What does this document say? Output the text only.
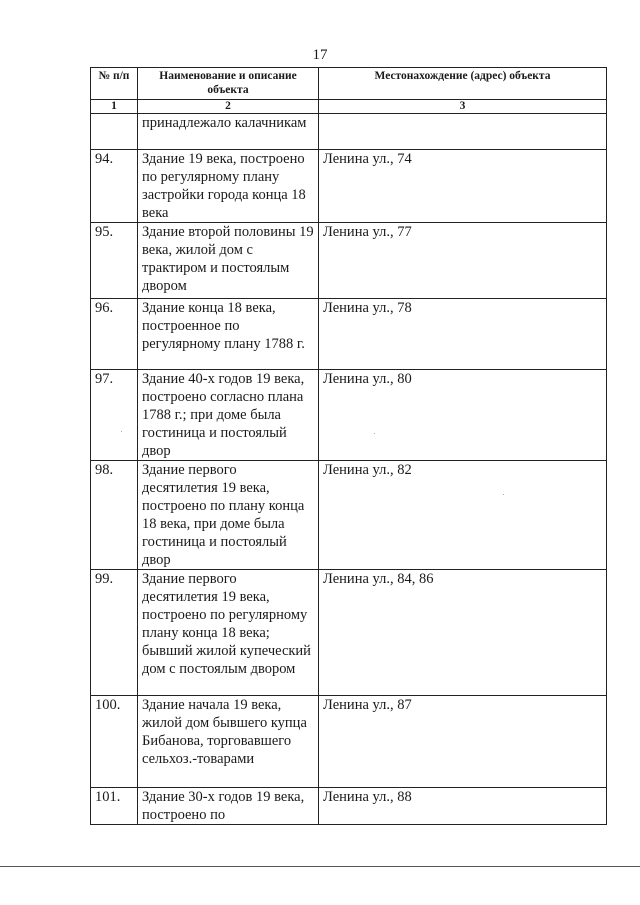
17
№ п/п	Наименование и описание объекта	Местонахождение (адрес) объекта
1	2	3
	принадлежало калачникам	
94.	Здание 19 века, построено по регулярному плану застройки города конца 18 века	Ленина ул., 74
95.	Здание второй половины 19 века, жилой дом с трактиром и постоялым двором	Ленина ул., 77
96.	Здание конца 18 века, построенное по регулярному плану 1788 г.	Ленина ул., 78
97.	Здание 40-х годов 19 века, построено согласно плана 1788 г.; при доме была гостиница и постоялый двор	Ленина ул., 80
98.	Здание первого десятилетия 19 века, построено по плану конца 18 века, при доме была гостиница и постоялый двор	Ленина ул., 82
99.	Здание первого десятилетия 19 века, построено по регулярному плану конца 18 века; бывший жилой купеческий дом с постоялым двором	Ленина ул., 84, 86
100.	Здание начала 19 века, жилой дом бывшего купца Бибанова, торговавшего сельхоз.-товарами	Ленина ул., 87
101.	Здание 30-х годов 19 века, построено по	Ленина ул., 88
